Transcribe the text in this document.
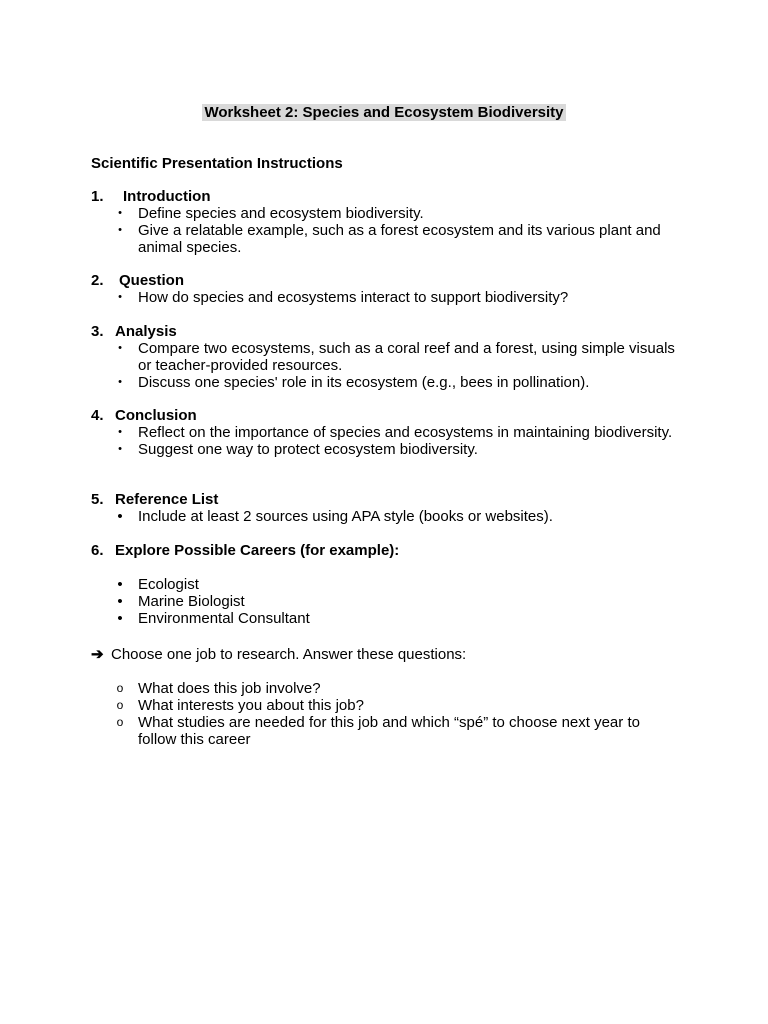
Worksheet 2: Species and Ecosystem Biodiversity
Scientific Presentation Instructions
1. Introduction
• Define species and ecosystem biodiversity.
• Give a relatable example, such as a forest ecosystem and its various plant and animal species.
2. Question
• How do species and ecosystems interact to support biodiversity?
3. Analysis
• Compare two ecosystems, such as a coral reef and a forest, using simple visuals or teacher-provided resources.
• Discuss one species' role in its ecosystem (e.g., bees in pollination).
4. Conclusion
• Reflect on the importance of species and ecosystems in maintaining biodiversity.
• Suggest one way to protect ecosystem biodiversity.
5. Reference List
• Include at least 2 sources using APA style (books or websites).
6. Explore Possible Careers (for example):
• Ecologist
• Marine Biologist
• Environmental Consultant
➔ Choose one job to research. Answer these questions:
o What does this job involve?
o What interests you about this job?
o What studies are needed for this job and which “spé” to choose next year to follow this career
